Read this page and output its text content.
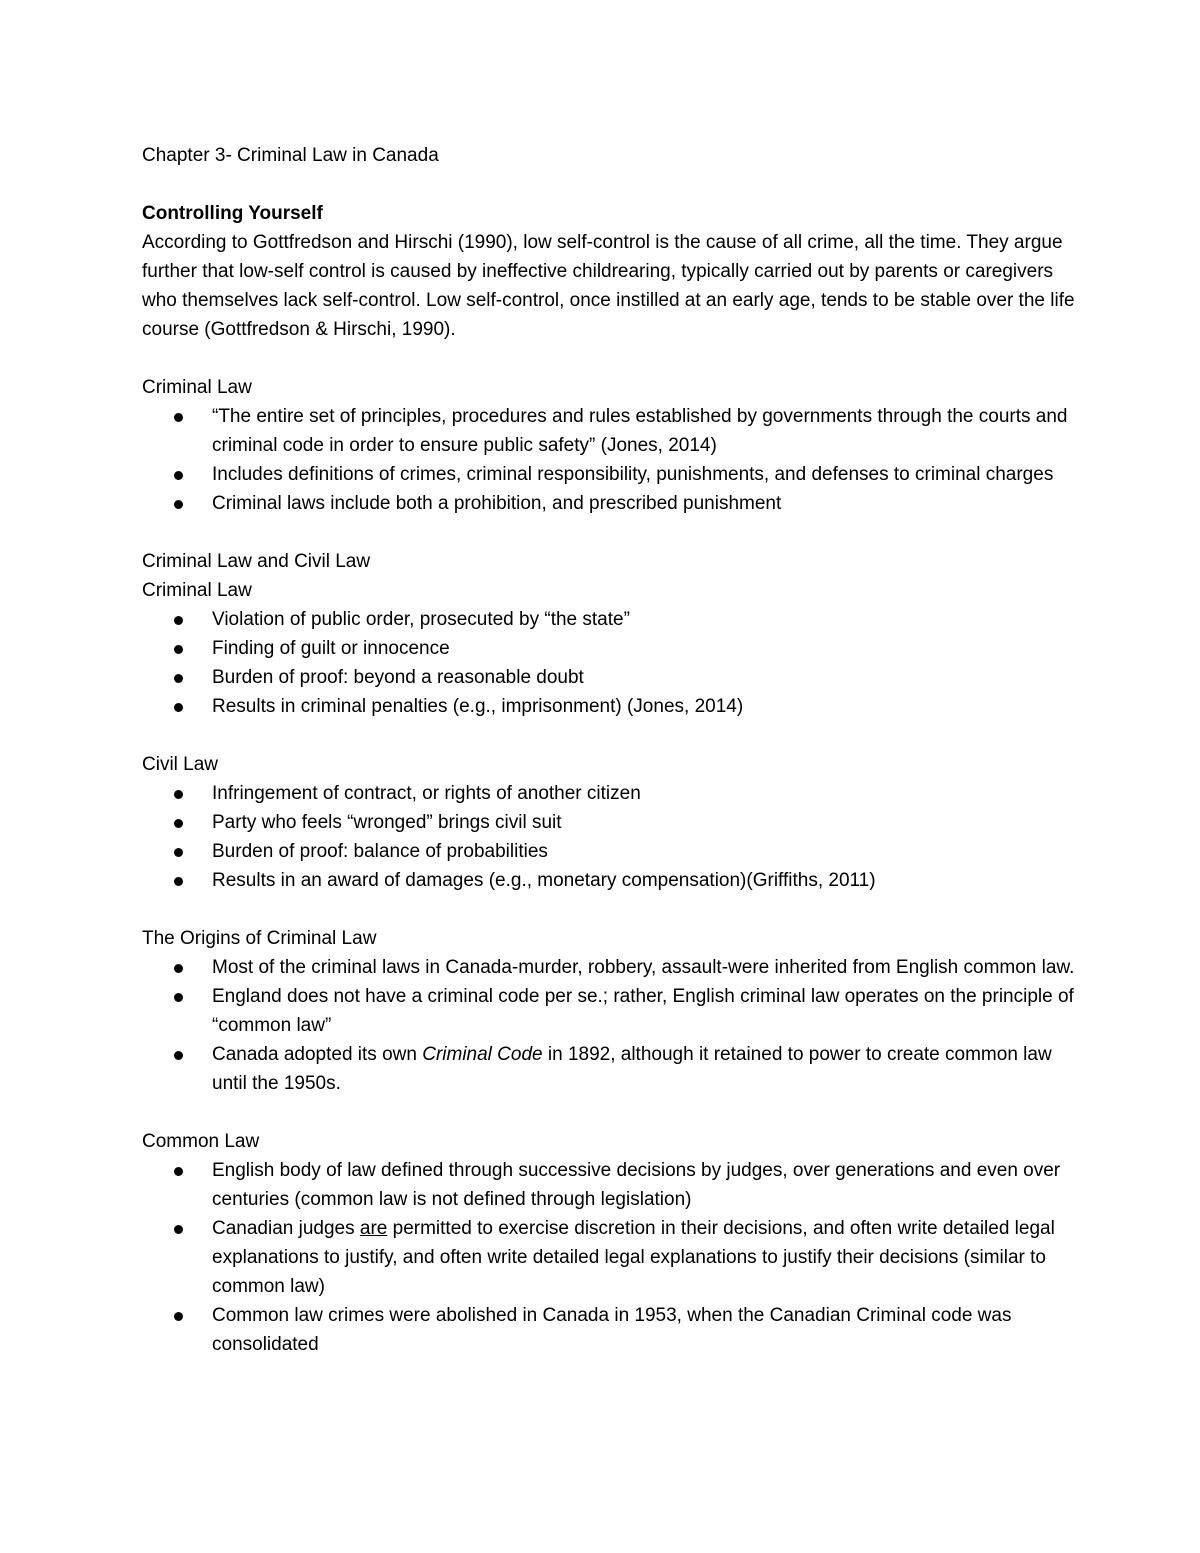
Chapter 3- Criminal Law in Canada

Controlling Yourself

According to Gottfredson and Hirschi (1990), low self-control is the cause of all crime, all the time. They argue further that low-self control is caused by ineffective childrearing, typically carried out by parents or caregivers who themselves lack self-control. Low self-control, once instilled at an early age, tends to be stable over the life course (Gottfredson & Hirschi, 1990).

Criminal Law

“The entire set of principles, procedures and rules established by governments through the courts and criminal code in order to ensure public safety” (Jones, 2014)
Includes definitions of crimes, criminal responsibility, punishments, and defenses to criminal charges
Criminal laws include both a prohibition, and prescribed punishment

Criminal Law and Civil Law

Criminal Law

Violation of public order, prosecuted by “the state”
Finding of guilt or innocence
Burden of proof: beyond a reasonable doubt
Results in criminal penalties (e.g., imprisonment) (Jones, 2014)

Civil Law

Infringement of contract, or rights of another citizen
Party who feels “wronged” brings civil suit
Burden of proof: balance of probabilities
Results in an award of damages (e.g., monetary compensation)(Griffiths, 2011)

The Origins of Criminal Law

Most of the criminal laws in Canada-murder, robbery, assault-were inherited from English common law.
England does not have a criminal code per se.; rather, English criminal law operates on the principle of “common law”
Canada adopted its own Criminal Code in 1892, although it retained to power to create common law until the 1950s.

Common Law

English body of law defined through successive decisions by judges, over generations and even over centuries (common law is not defined through legislation)
Canadian judges are permitted to exercise discretion in their decisions, and often write detailed legal explanations to justify, and often write detailed legal explanations to justify their decisions (similar to common law)
Common law crimes were abolished in Canada in 1953, when the Canadian Criminal code was consolidated
